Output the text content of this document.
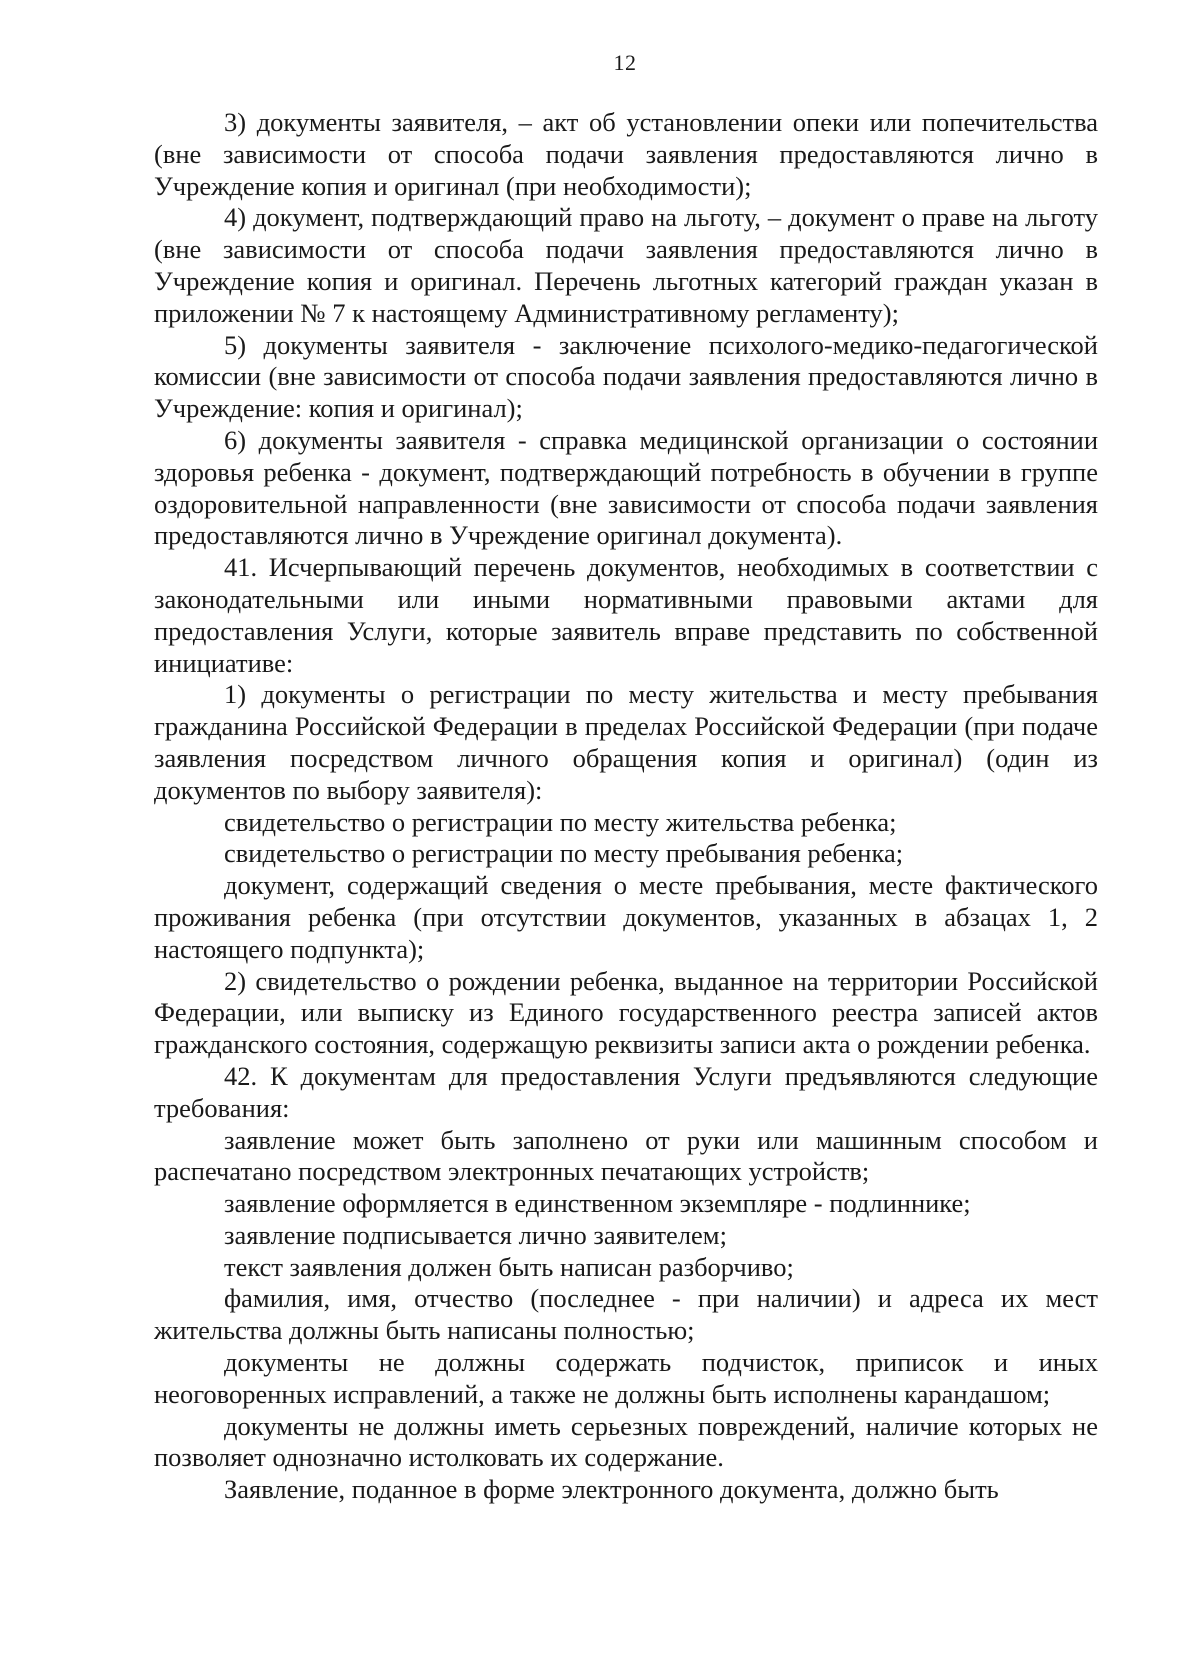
12

3) документы заявителя, – акт об установлении опеки или попечительства (вне зависимости от способа подачи заявления предоставляются лично в Учреждение копия и оригинал (при необходимости);

4) документ, подтверждающий право на льготу, – документ о праве на льготу (вне зависимости от способа подачи заявления предоставляются лично в Учреждение копия и оригинал. Перечень льготных категорий граждан указан в приложении № 7 к настоящему Административному регламенту);

5) документы заявителя - заключение психолого-медико-педагогической комиссии (вне зависимости от способа подачи заявления предоставляются лично в Учреждение: копия и оригинал);

6) документы заявителя - справка медицинской организации о состоянии здоровья ребенка - документ, подтверждающий потребность в обучении в группе оздоровительной направленности (вне зависимости от способа подачи заявления предоставляются лично в Учреждение оригинал документа).

41. Исчерпывающий перечень документов, необходимых в соответствии с законодательными или иными нормативными правовыми актами для предоставления Услуги, которые заявитель вправе представить по собственной инициативе:

1) документы о регистрации по месту жительства и месту пребывания гражданина Российской Федерации в пределах Российской Федерации (при подаче заявления посредством личного обращения копия и оригинал) (один из документов по выбору заявителя):

свидетельство о регистрации по месту жительства ребенка;

свидетельство о регистрации по месту пребывания ребенка;

документ, содержащий сведения о месте пребывания, месте фактического проживания ребенка (при отсутствии документов, указанных в абзацах 1, 2 настоящего подпункта);

2) свидетельство о рождении ребенка, выданное на территории Российской Федерации, или выписку из Единого государственного реестра записей актов гражданского состояния, содержащую реквизиты записи акта о рождении ребенка.

42. К документам для предоставления Услуги предъявляются следующие требования:

заявление может быть заполнено от руки или машинным способом и распечатано посредством электронных печатающих устройств;

заявление оформляется в единственном экземпляре - подлиннике;

заявление подписывается лично заявителем;

текст заявления должен быть написан разборчиво;

фамилия, имя, отчество (последнее - при наличии) и адреса их мест жительства должны быть написаны полностью;

документы не должны содержать подчисток, приписок и иных неоговоренных исправлений, а также не должны быть исполнены карандашом;

документы не должны иметь серьезных повреждений, наличие которых не позволяет однозначно истолковать их содержание.

Заявление, поданное в форме электронного документа, должно быть
